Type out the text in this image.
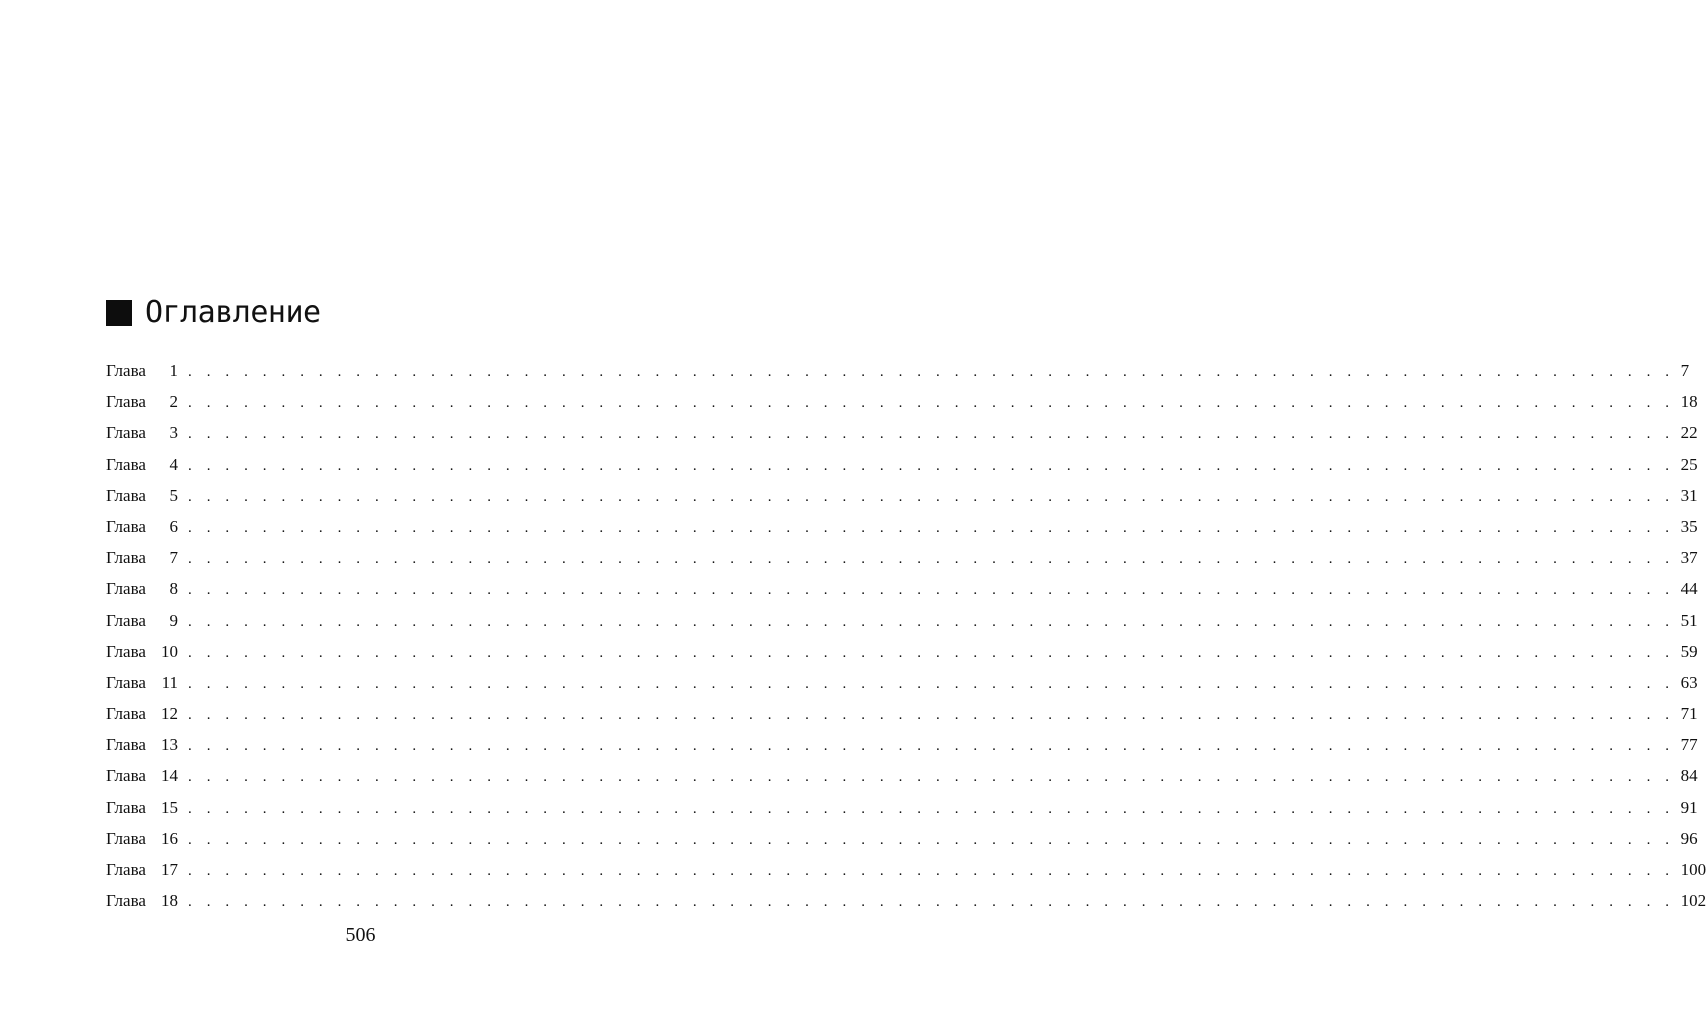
Оглавление
Глава 1 . . . . . . . . . . . . . . . . . . . . . . . . . . . . . . . . . . . . . . . . . . . . . . . . . . . . . . . . . . . . . . . . . . . . . . . . . . . . . . . . 7
Глава 2 . . . . . . . . . . . . . . . . . . . . . . . . . . . . . . . . . . . . . . . . . . . . . . . . . . . . . . . . . . . . . . . . . . . . . . . . . . . . . . . . 18
Глава 3 . . . . . . . . . . . . . . . . . . . . . . . . . . . . . . . . . . . . . . . . . . . . . . . . . . . . . . . . . . . . . . . . . . . . . . . . . . . . . . . . 22
Глава 4 . . . . . . . . . . . . . . . . . . . . . . . . . . . . . . . . . . . . . . . . . . . . . . . . . . . . . . . . . . . . . . . . . . . . . . . . . . . . . . . . 25
Глава 5 . . . . . . . . . . . . . . . . . . . . . . . . . . . . . . . . . . . . . . . . . . . . . . . . . . . . . . . . . . . . . . . . . . . . . . . . . . . . . . . . 31
Глава 6 . . . . . . . . . . . . . . . . . . . . . . . . . . . . . . . . . . . . . . . . . . . . . . . . . . . . . . . . . . . . . . . . . . . . . . . . . . . . . . . . 35
Глава 7 . . . . . . . . . . . . . . . . . . . . . . . . . . . . . . . . . . . . . . . . . . . . . . . . . . . . . . . . . . . . . . . . . . . . . . . . . . . . . . . . 37
Глава 8 . . . . . . . . . . . . . . . . . . . . . . . . . . . . . . . . . . . . . . . . . . . . . . . . . . . . . . . . . . . . . . . . . . . . . . . . . . . . . . . . 44
Глава 9 . . . . . . . . . . . . . . . . . . . . . . . . . . . . . . . . . . . . . . . . . . . . . . . . . . . . . . . . . . . . . . . . . . . . . . . . . . . . . . . . 51
Глава 10 . . . . . . . . . . . . . . . . . . . . . . . . . . . . . . . . . . . . . . . . . . . . . . . . . . . . . . . . . . . . . . . . . . . . . . . . . . . . . . . . 59
Глава 11 . . . . . . . . . . . . . . . . . . . . . . . . . . . . . . . . . . . . . . . . . . . . . . . . . . . . . . . . . . . . . . . . . . . . . . . . . . . . . . . . 63
Глава 12 . . . . . . . . . . . . . . . . . . . . . . . . . . . . . . . . . . . . . . . . . . . . . . . . . . . . . . . . . . . . . . . . . . . . . . . . . . . . . . . . 71
Глава 13 . . . . . . . . . . . . . . . . . . . . . . . . . . . . . . . . . . . . . . . . . . . . . . . . . . . . . . . . . . . . . . . . . . . . . . . . . . . . . . . . 77
Глава 14 . . . . . . . . . . . . . . . . . . . . . . . . . . . . . . . . . . . . . . . . . . . . . . . . . . . . . . . . . . . . . . . . . . . . . . . . . . . . . . . . 84
Глава 15 . . . . . . . . . . . . . . . . . . . . . . . . . . . . . . . . . . . . . . . . . . . . . . . . . . . . . . . . . . . . . . . . . . . . . . . . . . . . . . . . 91
Глава 16 . . . . . . . . . . . . . . . . . . . . . . . . . . . . . . . . . . . . . . . . . . . . . . . . . . . . . . . . . . . . . . . . . . . . . . . . . . . . . . . . 96
Глава 17 . . . . . . . . . . . . . . . . . . . . . . . . . . . . . . . . . . . . . . . . . . . . . . . . . . . . . . . . . . . . . . . . . . . . . . . . . . . . . . . . 100
Глава 18 . . . . . . . . . . . . . . . . . . . . . . . . . . . . . . . . . . . . . . . . . . . . . . . . . . . . . . . . . . . . . . . . . . . . . . . . . . . . . . . . 102
506
